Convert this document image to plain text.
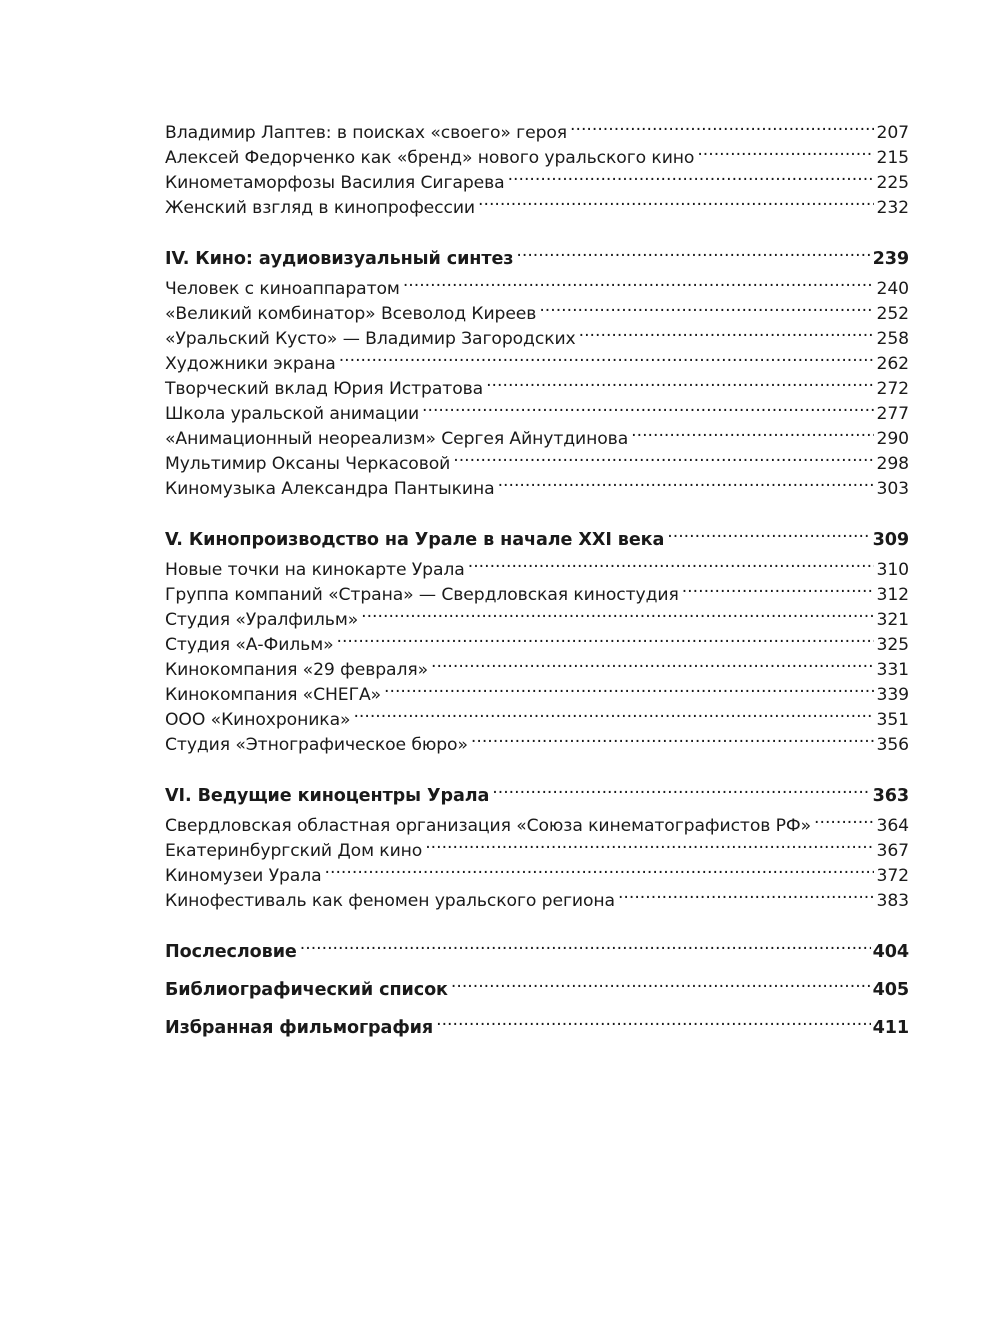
Владимир Лаптев: в поисках «своего» героя .....	207
Алексей Федорченко как «бренд» нового уральского кино .....	215
Кинометаморфозы Василия Сигарева .....	225
Женский взгляд в кинопрофессии .....	232
IV. Кино: аудиовизуальный синтез .....	239
Человек с киноаппаратом .....	240
«Великий комбинатор» Всеволод Киреев .....	252
«Уральский Кусто» — Владимир Загородских .....	258
Художники экрана .....	262
Творческий вклад Юрия Истратова .....	272
Школа уральской анимации .....	277
«Анимационный неореализм» Сергея Айнутдинова .....	290
Мультимир Оксаны Черкасовой .....	298
Киномузыка Александра Пантыкина .....	303
V. Кинопроизводство на Урале в начале XXI века .....	309
Новые точки на кинокарте Урала .....	310
Группа компаний «Страна» — Свердловская киностудия .....	312
Студия «Уралфильм» .....	321
Студия «А-Фильм» .....	325
Кинокомпания «29 февраля» .....	331
Кинокомпания «СНЕГА» .....	339
ООО «Кинохроника» .....	351
Студия «Этнографическое бюро» .....	356
VI. Ведущие киноцентры Урала .....	363
Свердловская областная организация «Союза кинематографистов РФ» .....	364
Екатеринбургский Дом кино .....	367
Киномузеи Урала .....	372
Кинофестиваль как феномен уральского региона .....	383
Послесловие .....	404
Библиографический список .....	405
Избранная фильмография .....	411
